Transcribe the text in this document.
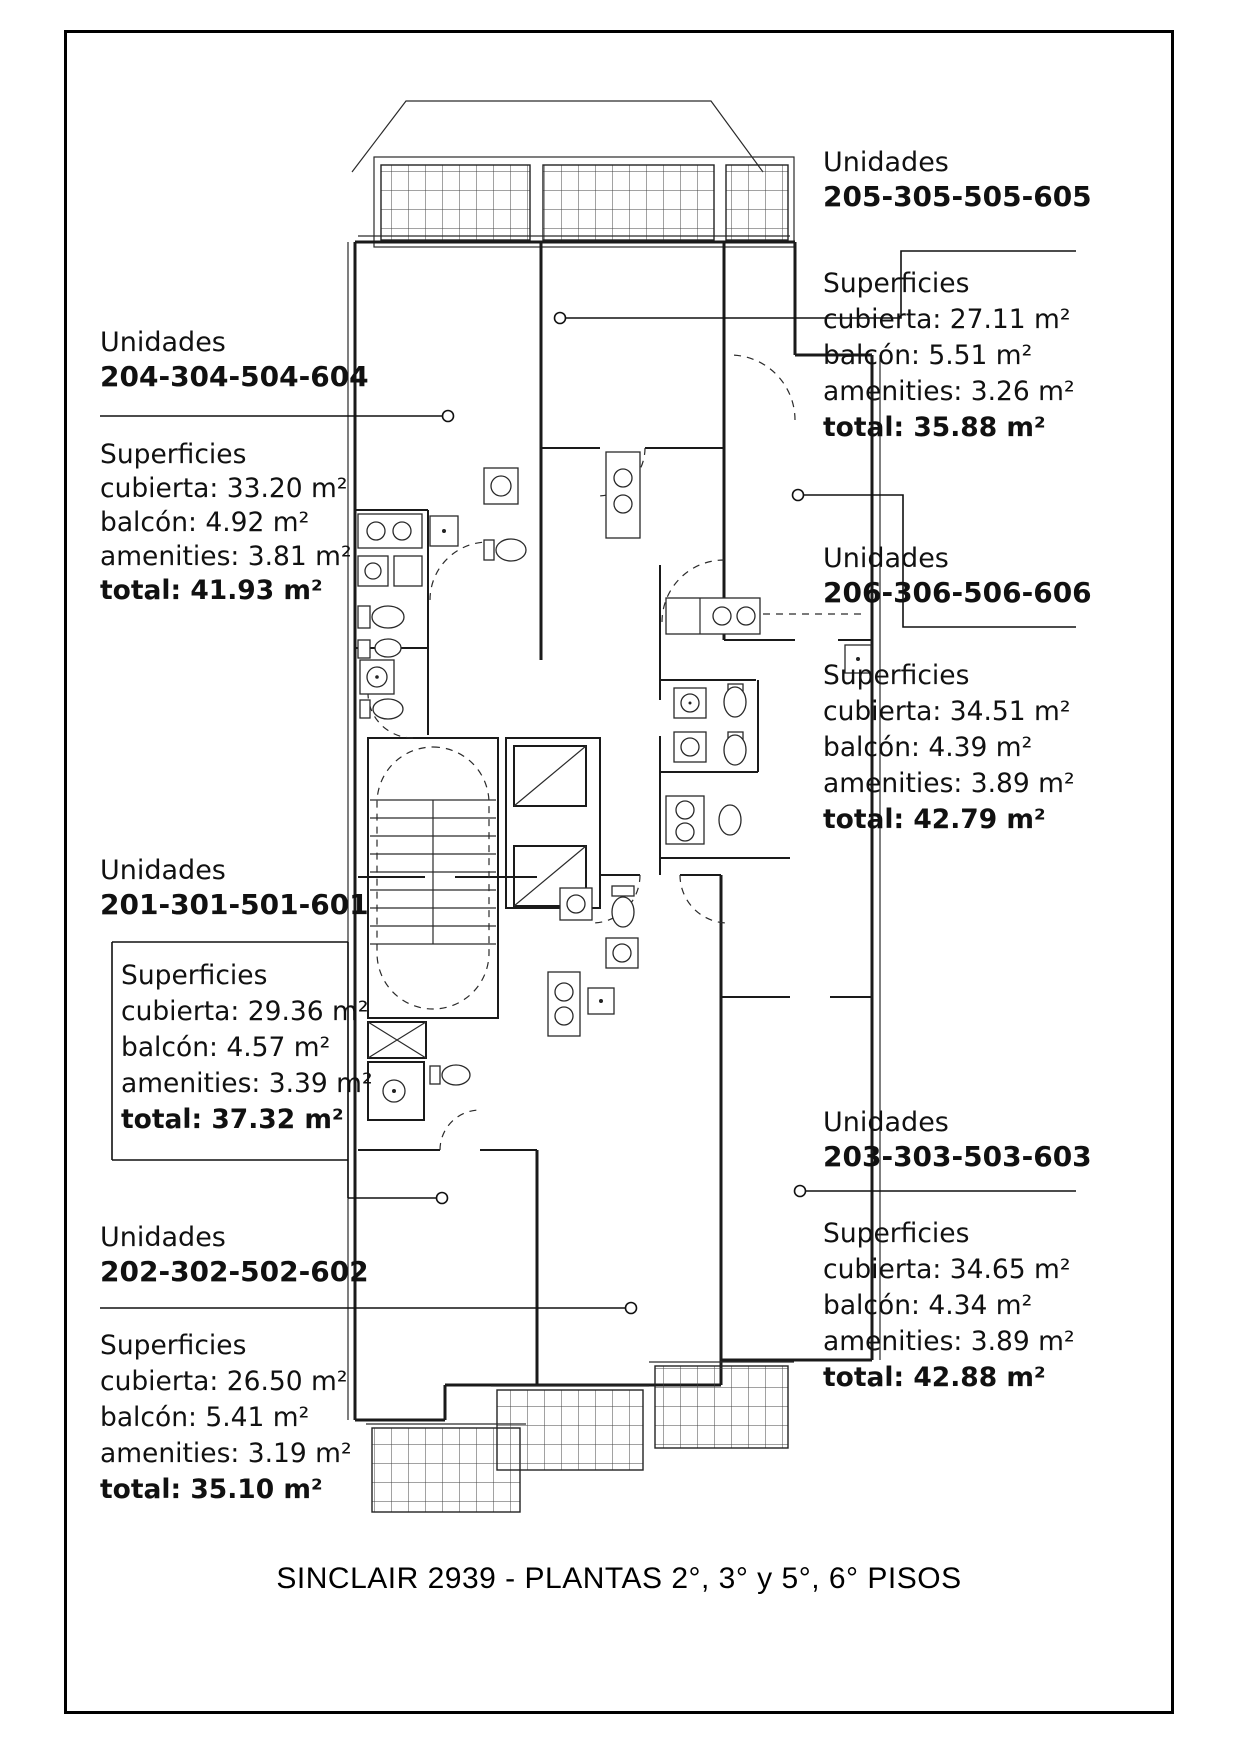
Unidades
204-304-504-604
Superficies
cubierta: 33.20 m²
balcón: 4.92 m²
amenities: 3.81 m²
total: 41.93 m²
Unidades
205-305-505-605
Superficies
cubierta: 27.11 m²
balcón: 5.51 m²
amenities: 3.26 m²
total: 35.88 m²
Unidades
206-306-506-606
Superficies
cubierta: 34.51 m²
balcón: 4.39 m²
amenities: 3.89 m²
total: 42.79 m²
Unidades
201-301-501-601
Superficies
cubierta: 29.36 m²
balcón: 4.57 m²
amenities: 3.39 m²
total: 37.32 m²
Unidades
202-302-502-602
Superficies
cubierta: 26.50 m²
balcón: 5.41 m²
amenities: 3.19 m²
total: 35.10 m²
Unidades
203-303-503-603
Superficies
cubierta: 34.65 m²
balcón: 4.34 m²
amenities: 3.89 m²
total: 42.88 m²
SINCLAIR 2939 - PLANTAS 2°, 3° y 5°, 6° PISOS
